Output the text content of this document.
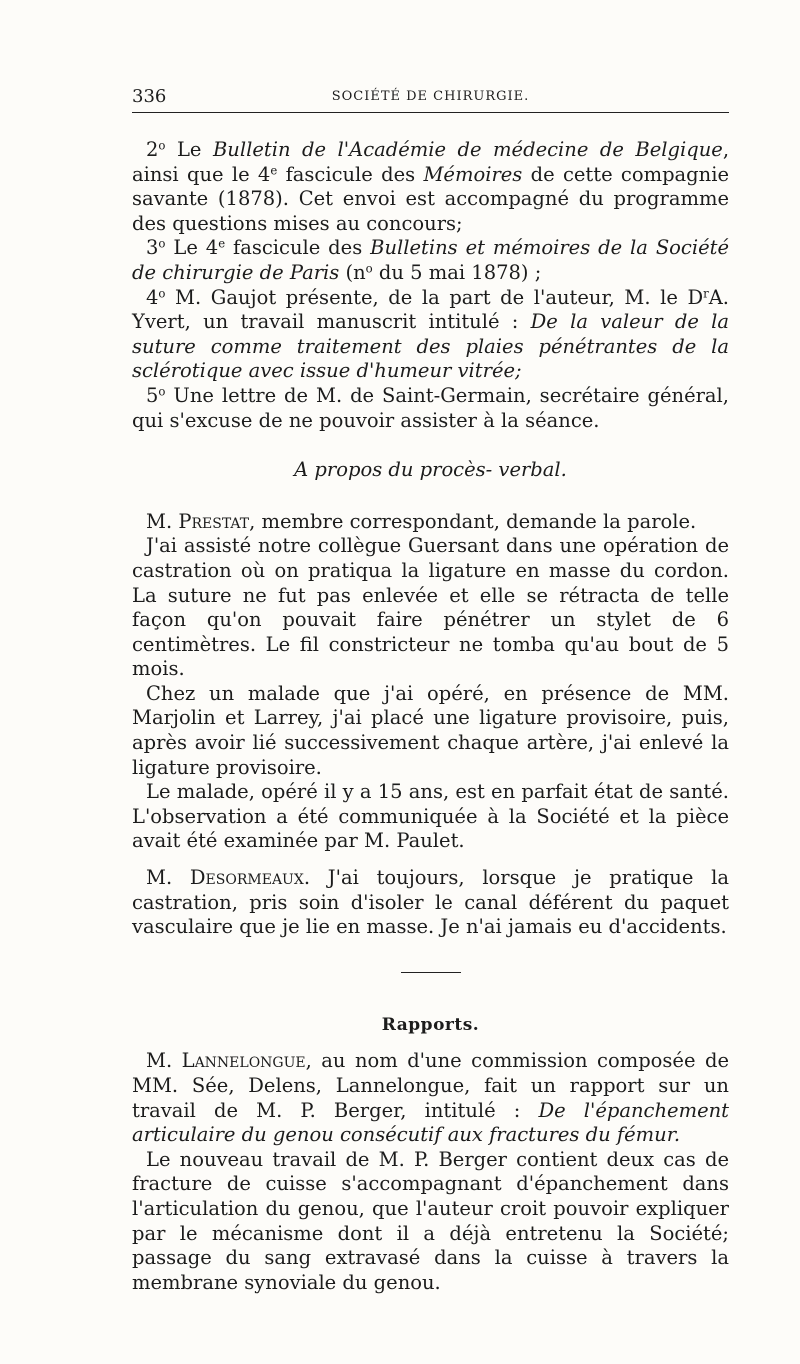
336	SOCIÉTÉ DE CHIRURGIE.

2$^o$ Le Bulletin de l'Académie de médecine de Belgique, ainsi que le 4e fascicule des Mémoires de cette compagnie savante (1878). Cet envoi est accompagné du programme des questions mises au concours;

3$^o$ Le 4e fascicule des Bulletins et mémoires de la Société de chirurgie de Paris ($n^o$ du 5 mai 1878) ;

4$^o$ M. Gaujot présente, de la part de l'auteur, M. le $D^rA$. Yvert, un travail manuscrit intitulé : De la valeur de la suture comme traitement des plaies pénétrantes de la sclérotique avec issue d'humeur vitrée;

5$^o$ Une lettre de M. de Saint-Germain, secrétaire général, qui s'excuse de ne pouvoir assister à la séance.

A propos du procès- verbal.

M. Prestat, membre correspondant, demande la parole.

J'ai assisté notre collègue Guersant dans une opération de castration où on pratiqua la ligature en masse du cordon. La suture ne fut pas enlevée et elle se rétracta de telle façon qu'on pouvait faire pénétrer un stylet de 6 centimètres. Le fil constricteur ne tomba qu'au bout de 5 mois.

Chez un malade que j'ai opéré, en présence de MM. Marjolin et Larrey, j'ai placé une ligature provisoire, puis, après avoir lié successivement chaque artère, j'ai enlevé la ligature provisoire.

Le malade, opéré il y a 15 ans, est en parfait état de santé. L'observation a été communiquée à la Société et la pièce avait été examinée par M. Paulet.

M. Desormeaux. J'ai toujours, lorsque je pratique la castration, pris soin d'isoler le canal déférent du paquet vasculaire que je lie en masse. Je n'ai jamais eu d'accidents.

Rapports.

M. Lannelongue, au nom d'une commission composée de MM. Sée, Delens, Lannelongue, fait un rapport sur un travail de M. P. Berger, intitulé : De l'épanchement articulaire du genou consécutif aux fractures du fémur.

Le nouveau travail de M. P. Berger contient deux cas de fracture de cuisse s'accompagnant d'épanchement dans l'articulation du genou, que l'auteur croit pouvoir expliquer par le mécanisme dont il a déjà entretenu la Société; passage du sang extravasé dans la cuisse à travers la membrane synoviale du genou.
